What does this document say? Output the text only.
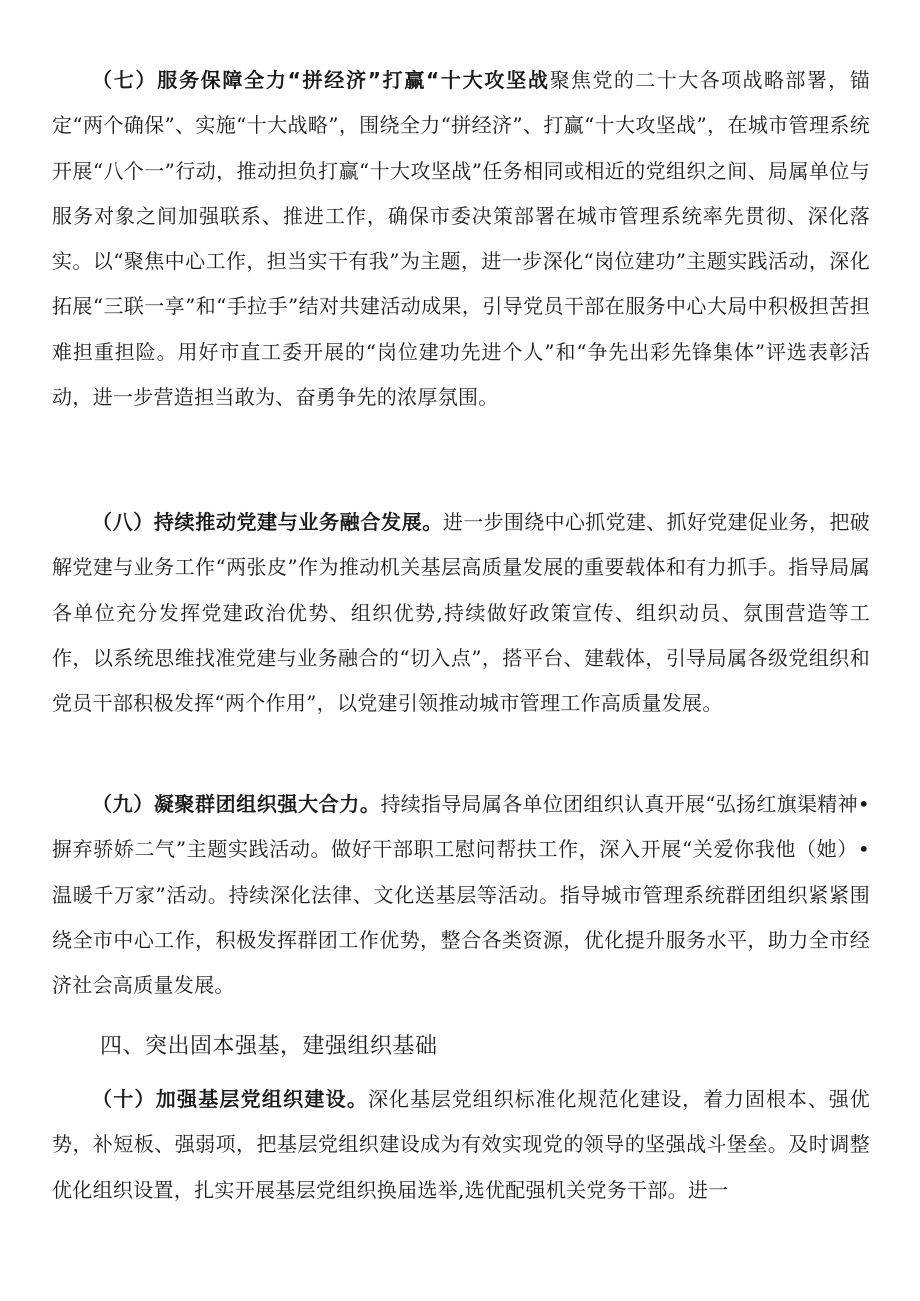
（七）服务保障全力“拼经济”打赢“十大攻坚战聚焦党的二十大各项战略部署，锚定“两个确保”、实施“十大战略”，围绕全力“拼经济”、打赢“十大攻坚战”，在城市管理系统开展“八个一”行动，推动担负打赢“十大攻坚战”任务相同或相近的党组织之间、局属单位与服务对象之间加强联系、推进工作，确保市委决策部署在城市管理系统率先贯彻、深化落实。以“聚焦中心工作，担当实干有我”为主题，进一步深化“岗位建功”主题实践活动，深化拓展“三联一享”和“手拉手”结对共建活动成果，引导党员干部在服务中心大局中积极担苦担难担重担险。用好市直工委开展的“岗位建功先进个人”和“争先出彩先锋集体”评选表彰活动，进一步营造担当敢为、奋勇争先的浓厚氛围。

（八）持续推动党建与业务融合发展。进一步围绕中心抓党建、抓好党建促业务，把破解党建与业务工作“两张皮”作为推动机关基层高质量发展的重要载体和有力抓手。指导局属各单位充分发挥党建政治优势、组织优势,持续做好政策宣传、组织动员、氛围营造等工作，以系统思维找准党建与业务融合的“切入点”，搭平台、建载体，引导局属各级党组织和党员干部积极发挥“两个作用”，以党建引领推动城市管理工作高质量发展。

（九）凝聚群团组织强大合力。持续指导局属各单位团组织认真开展“弘扬红旗渠精神•摒弃骄娇二气”主题实践活动。做好干部职工慰问帮扶工作，深入开展“关爱你我他（她）•温暖千万家”活动。持续深化法律、文化送基层等活动。指导城市管理系统群团组织紧紧围绕全市中心工作，积极发挥群团工作优势，整合各类资源，优化提升服务水平，助力全市经济社会高质量发展。

四、突出固本强基，建强组织基础

（十）加强基层党组织建设。深化基层党组织标准化规范化建设，着力固根本、强优势，补短板、强弱项，把基层党组织建设成为有效实现党的领导的坚强战斗堡垒。及时调整优化组织设置，扎实开展基层党组织换届选举,选优配强机关党务干部。进一
